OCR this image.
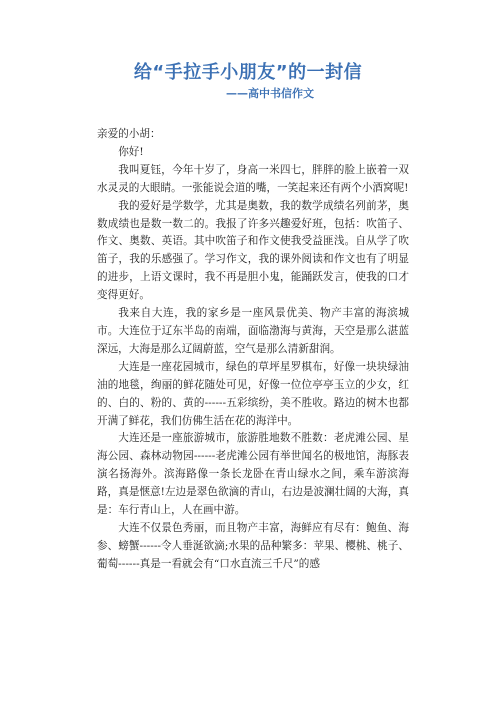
给“手拉手小朋友”的一封信
——高中书信作文

亲爱的小胡：

你好!

我叫夏钰，今年十岁了，身高一米四七，胖胖的脸上嵌着一双水灵灵的大眼睛。一张能说会道的嘴，一笑起来还有两个小酒窝呢!

我的爱好是学数学，尤其是奥数，我的数学成绩名列前茅，奥数成绩也是数一数二的。我报了许多兴趣爱好班，包括：吹笛子、作文、奥数、英语。其中吹笛子和作文使我受益匪浅。自从学了吹笛子，我的乐感强了。学习作文，我的课外阅读和作文也有了明显的进步，上语文课时，我不再是胆小鬼，能踊跃发言，使我的口才变得更好。

我来自大连，我的家乡是一座风景优美、物产丰富的海滨城市。大连位于辽东半岛的南端，面临渤海与黄海，天空是那么湛蓝深远，大海是那么辽阔蔚蓝，空气是那么清新甜润。

大连是一座花园城市，绿色的草坪星罗棋布，好像一块块绿油油的地毯，绚丽的鲜花随处可见，好像一位位亭亭玉立的少女，红的、白的、粉的、黄的------五彩缤纷，美不胜收。路边的树木也都开满了鲜花，我们仿佛生活在花的海洋中。

大连还是一座旅游城市，旅游胜地数不胜数：老虎滩公园、星海公园、森林动物园------老虎滩公园有举世闻名的极地馆，海豚表演名扬海外。滨海路像一条长龙卧在青山绿水之间，乘车游滨海路，真是惬意!左边是翠色欲滴的青山，右边是波澜壮阔的大海，真是：车行青山上，人在画中游。

大连不仅景色秀丽，而且物产丰富，海鲜应有尽有：鲍鱼、海参、螃蟹------令人垂涎欲滴;水果的品种繁多：苹果、樱桃、桃子、葡萄------真是一看就会有“口水直流三千尺”的感
